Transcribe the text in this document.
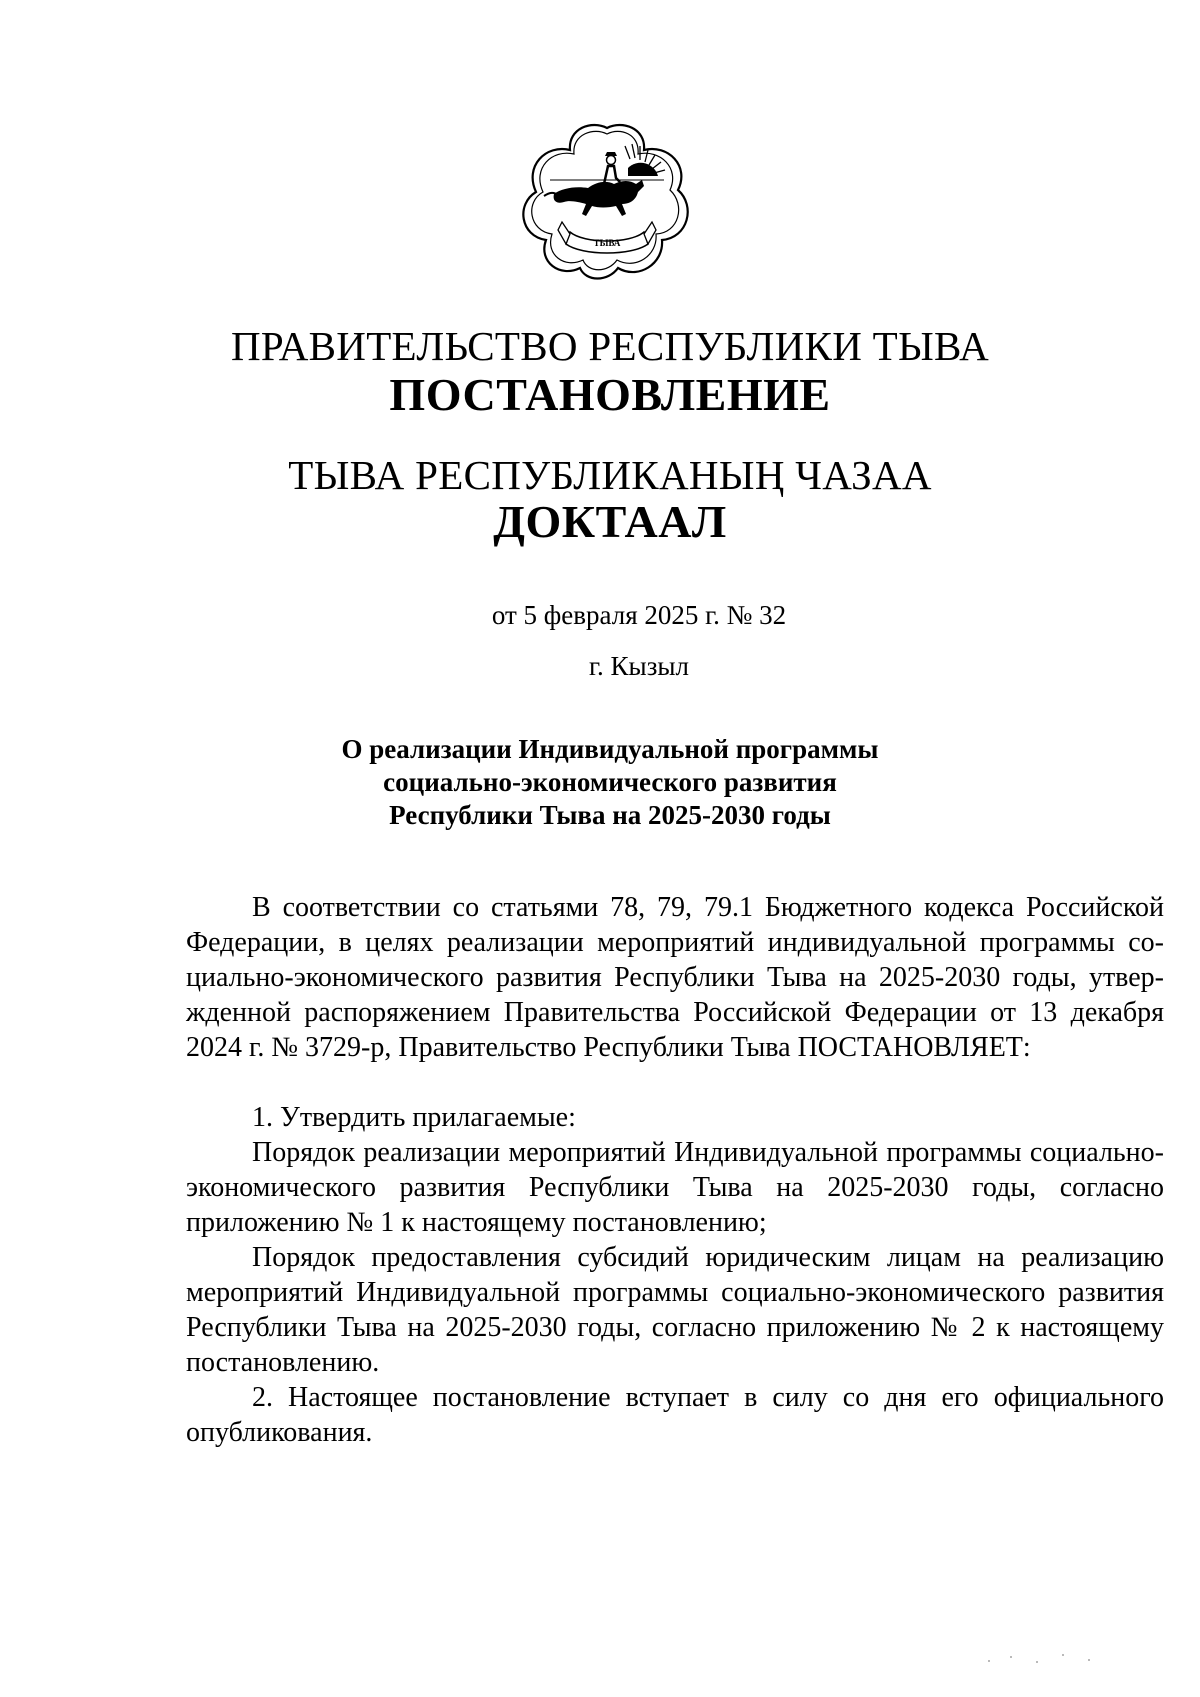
ТЫВА
ПРАВИТЕЛЬСТВО РЕСПУБЛИКИ ТЫВА
ПОСТАНОВЛЕНИЕ
ТЫВА РЕСПУБЛИКАНЫҢ ЧАЗАА
ДОКТААЛ
от 5 февраля 2025 г. № 32
г. Кызыл
О реализации Индивидуальной программы
социально-экономического развития
Республики Тыва на 2025-2030 годы

В соответствии со статьями 78, 79, 79.1 Бюджетного кодекса Российской Федерации, в целях реализации мероприятий индивидуальной программы социально-экономического развития Республики Тыва на 2025-2030 годы, утвержденной распоряжением Правительства Российской Федерации от 13 декабря 2024 г. № 3729-р, Правительство Республики Тыва ПОСТАНОВЛЯЕТ:

1. Утвердить прилагаемые:

Порядок реализации мероприятий Индивидуальной программы социально-экономического развития Республики Тыва на 2025-2030 годы, согласно приложению № 1 к настоящему постановлению;

Порядок предоставления субсидий юридическим лицам на реализацию мероприятий Индивидуальной программы социально-экономического развития Республики Тыва на 2025-2030 годы, согласно приложению № 2 к настоящему постановлению.

2. Настоящее постановление вступает в силу со дня его официального опубликования.
